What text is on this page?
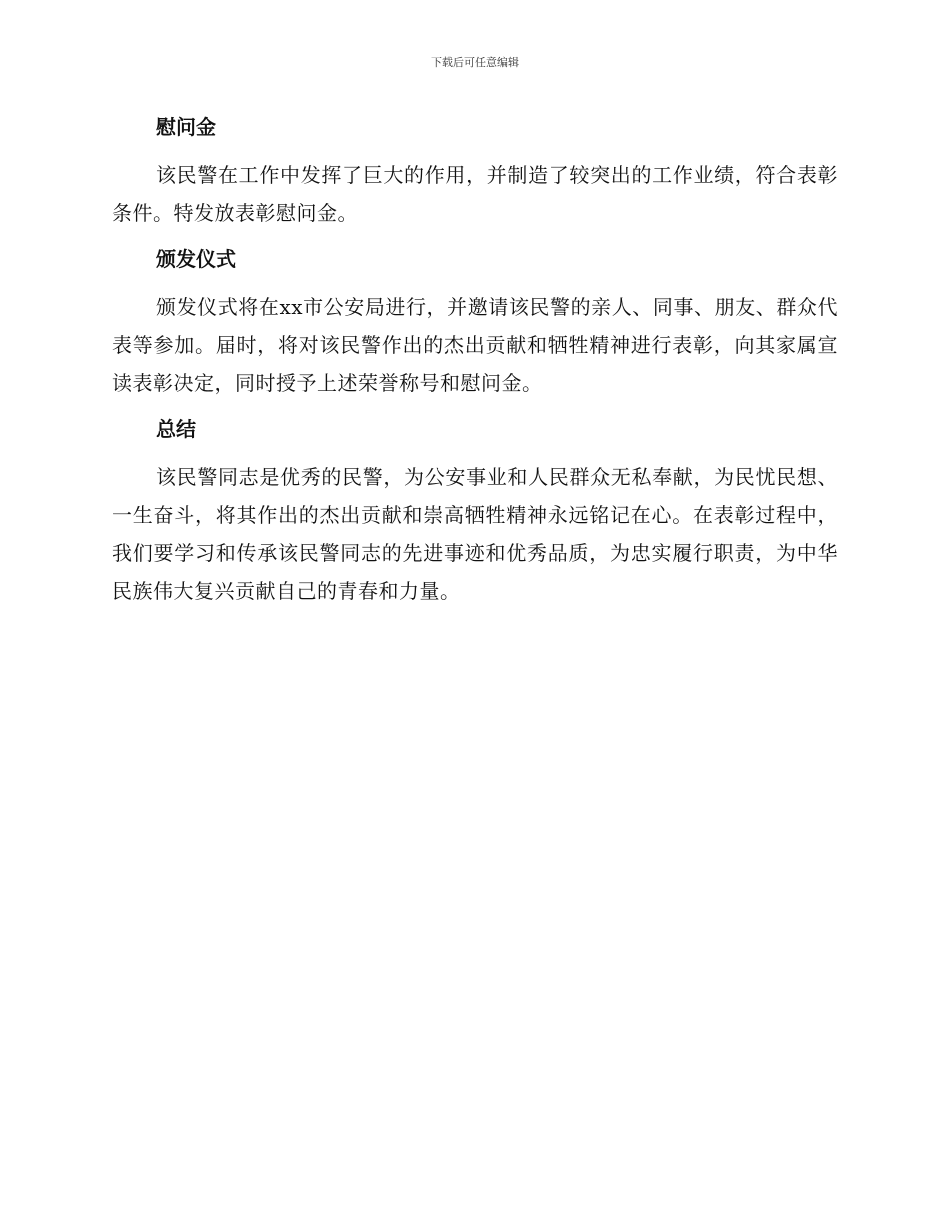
下载后可任意编辑
慰问金

该民警在工作中发挥了巨大的作用，并制造了较突出的工作业绩，符合表彰条件。特发放表彰慰问金。

颁发仪式

颁发仪式将在xx市公安局进行，并邀请该民警的亲人、同事、朋友、群众代表等参加。届时，将对该民警作出的杰出贡献和牺牲精神进行表彰，向其家属宣读表彰决定，同时授予上述荣誉称号和慰问金。

总结

该民警同志是优秀的民警，为公安事业和人民群众无私奉献，为民忧民想、一生奋斗，将其作出的杰出贡献和崇高牺牲精神永远铭记在心。在表彰过程中，我们要学习和传承该民警同志的先进事迹和优秀品质，为忠实履行职责，为中华民族伟大复兴贡献自己的青春和力量。
